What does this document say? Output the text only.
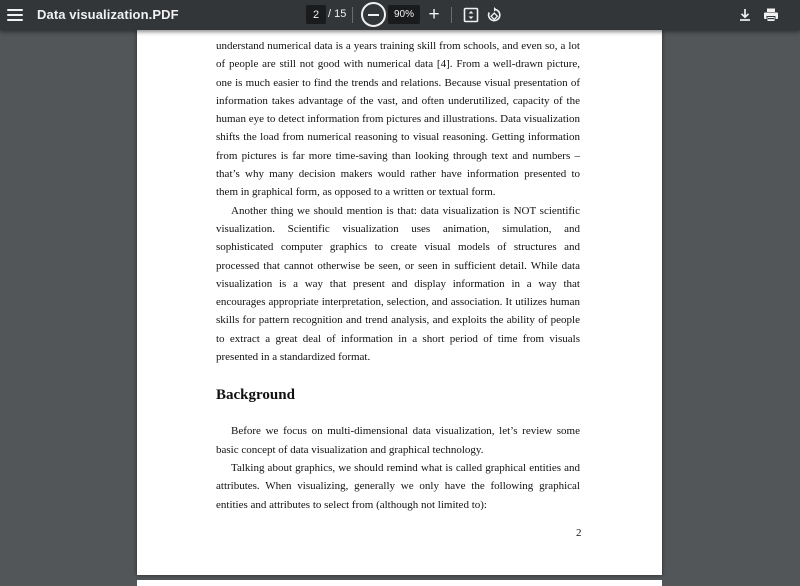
Data visualization.PDF
2	/ 15
90%	+

understand numerical data is a years training skill from schools, and even so, a lot of people are still not good with numerical data [4]. From a well-drawn picture, one is much easier to find the trends and relations. Because visual presentation of information takes advantage of the vast, and often underutilized, capacity of the human eye to detect information from pictures and illustrations. Data visualization shifts the load from numerical reasoning to visual reasoning. Getting information from pictures is far more time-saving than looking through text and numbers – that’s why many decision makers would rather have information presented to them in graphical form, as opposed to a written or textual form.

Another thing we should mention is that: data visualization is NOT scientific visualization. Scientific visualization uses animation, simulation, and sophisticated computer graphics to create visual models of structures and processed that cannot otherwise be seen, or seen in sufficient detail. While data visualization is a way that present and display information in a way that encourages appropriate interpretation, selection, and association. It utilizes human skills for pattern recognition and trend analysis, and exploits the ability of people to extract a great deal of information in a short period of time from visuals presented in a standardized format.

Background

Before we focus on multi-dimensional data visualization, let’s review some basic concept of data visualization and graphical technology.

Talking about graphics, we should remind what is called graphical entities and attributes. When visualizing, generally we only have the following graphical entities and attributes to select from (although not limited to):

2
